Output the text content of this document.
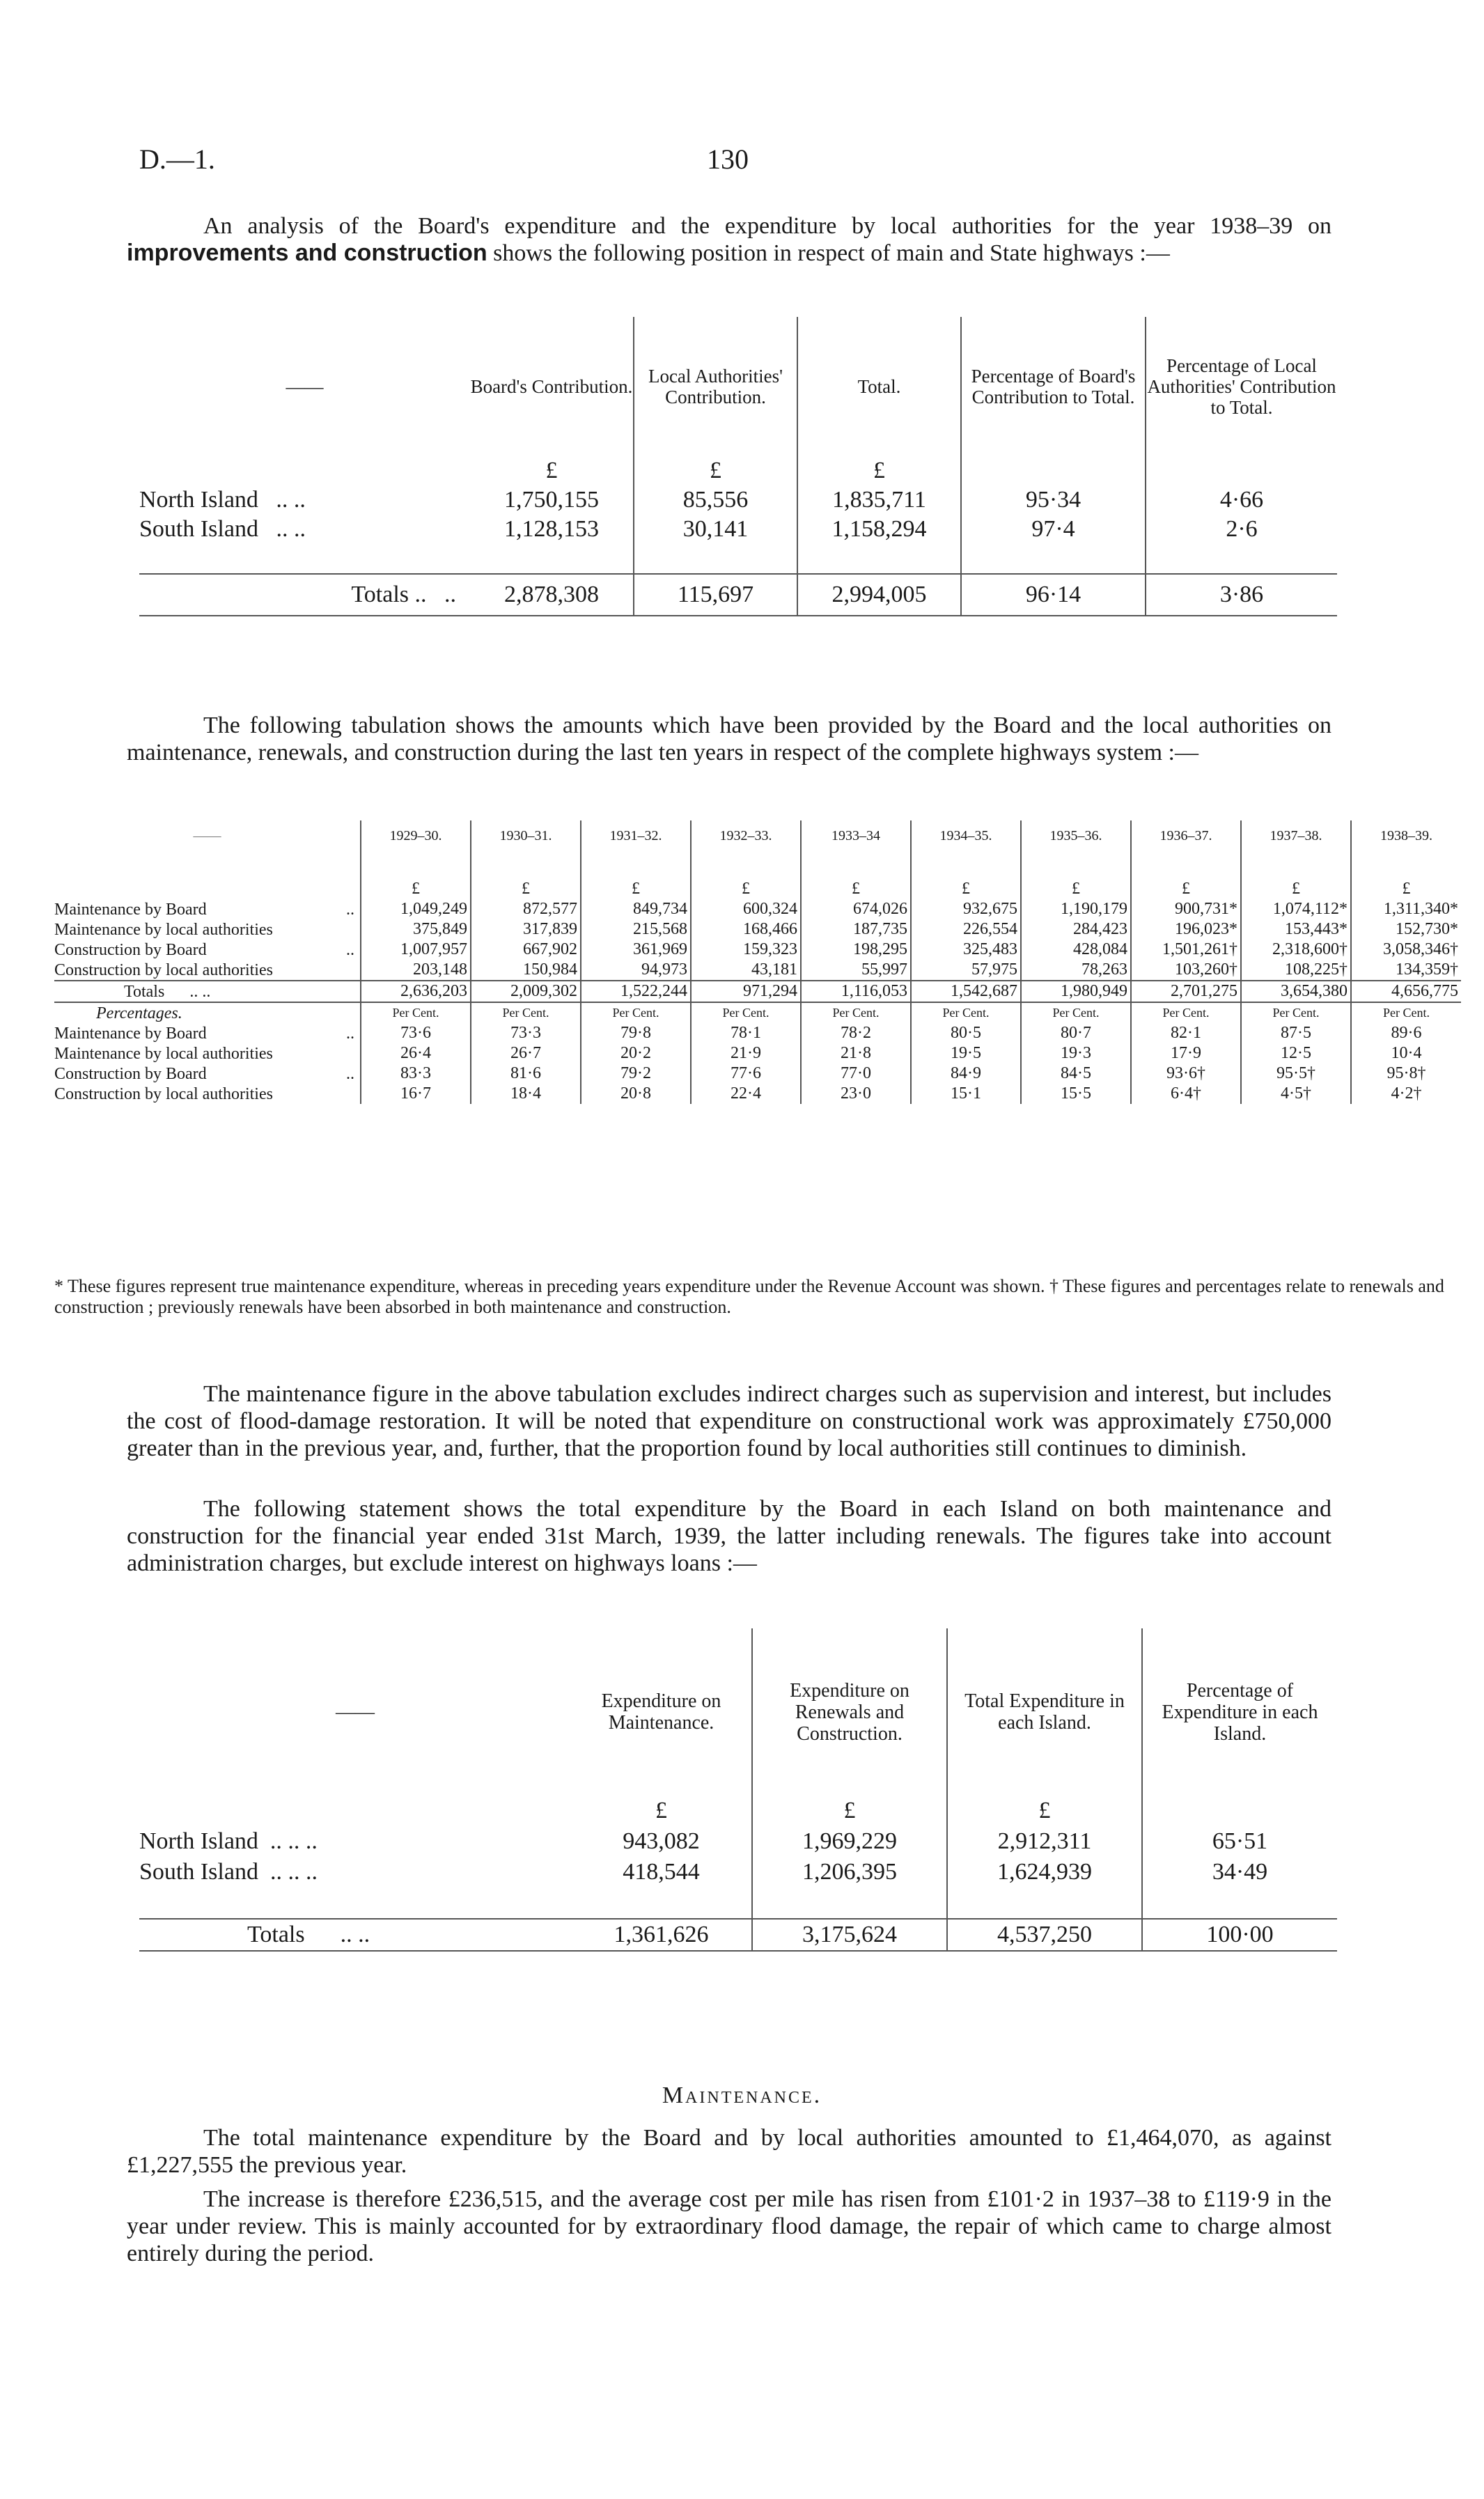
D.—1.	130

An analysis of the Board's expenditure and the expenditure by local authorities for the year 1938–39 on improvements and construction shows the following position in respect of main and State highways :—

——	Board's Contribution.	Local Authorities' Contribution.	Total.	Percentage of Board's Contribution to Total.	Percentage of Local Authorities' Contribution to Total.
	£	£	£		
North Island .. ..	1,750,155	85,556	1,835,711	95·34	4·66
South Island .. ..	1,128,153	30,141	1,158,294	97·4	2·6

Totals .. ..	2,878,308	115,697	2,994,005	96·14	3·86

The following tabulation shows the amounts which have been provided by the Board and the local authorities on maintenance, renewals, and construction during the last ten years in respect of the complete highways system :—

——	1929–30.	1930–31.	1931–32.	1932–33.	1933–34	1934–35.	1935–36.	1936–37.	1937–38.	1938–39.

	£	£	£	£	£	£	£	£	£	£
Maintenance by Board ..	1,049,249	872,577	849,734	600,324	674,026	932,675	1,190,179	900,731*	1,074,112*	1,311,340*
Maintenance by local authorities	375,849	317,839	215,568	168,466	187,735	226,554	284,423	196,023*	153,443*	152,730*
Construction by Board ..	1,007,957	667,902	361,969	159,323	198,295	325,483	428,084	1,501,261†	2,318,600†	3,058,346†
Construction by local authorities	203,148	150,984	94,973	43,181	55,997	57,975	78,263	103,260†	108,225†	134,359†
Totals .. ..	2,636,203	2,009,302	1,522,244	971,294	1,116,053	1,542,687	1,980,949	2,701,275	3,654,380	4,656,775
Percentages.	Per Cent.	Per Cent.	Per Cent.	Per Cent.	Per Cent.	Per Cent.	Per Cent.	Per Cent.	Per Cent.	Per Cent.
Maintenance by Board ..	73·6	73·3	79·8	78·1	78·2	80·5	80·7	82·1	87·5	89·6
Maintenance by local authorities	26·4	26·7	20·2	21·9	21·8	19·5	19·3	17·9	12·5	10·4
Construction by Board ..	83·3	81·6	79·2	77·6	77·0	84·9	84·5	93·6†	95·5†	95·8†
Construction by local authorities	16·7	18·4	20·8	22·4	23·0	15·1	15·5	6·4†	4·5†	4·2†
* These figures represent true maintenance expenditure, whereas in preceding years expenditure under the Revenue Account was shown. † These figures and percentages relate to renewals and construction ; previously renewals have been absorbed in both maintenance and construction.

The maintenance figure in the above tabulation excludes indirect charges such as supervision and interest, but includes the cost of flood-damage restoration. It will be noted that expenditure on constructional work was approximately £750,000 greater than in the previous year, and, further, that the proportion found by local authorities still continues to diminish.

The following statement shows the total expenditure by the Board in each Island on both maintenance and construction for the financial year ended 31st March, 1939, the latter including renewals. The figures take into account administration charges, but exclude interest on highways loans :—

——	Expenditure on Maintenance.	Expenditure on Renewals and Construction.	Total Expenditure in each Island.	Percentage of Expenditure in each Island.
	£	£	£	
North Island .. .. ..	943,082	1,969,229	2,912,311	65·51
South Island .. .. ..	418,544	1,206,395	1,624,939	34·49

Totals .. ..	1,361,626	3,175,624	4,537,250	100·00
Maintenance.

The total maintenance expenditure by the Board and by local authorities amounted to £1,464,070, as against £1,227,555 the previous year.

The increase is therefore £236,515, and the average cost per mile has risen from £101·2 in 1937–38 to £119·9 in the year under review. This is mainly accounted for by extraordinary flood damage, the repair of which came to charge almost entirely during the period.
